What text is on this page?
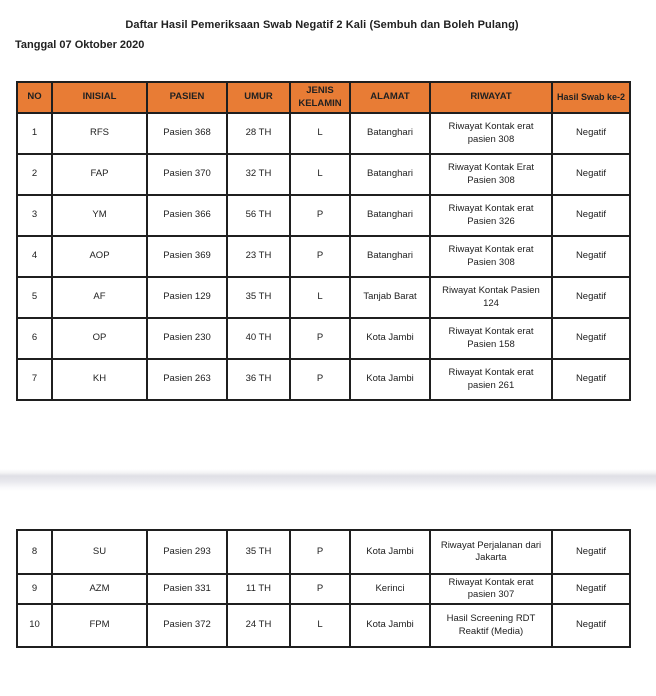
Daftar Hasil Pemeriksaan Swab Negatif 2 Kali (Sembuh dan Boleh Pulang)
Tanggal 07 Oktober 2020
NO	INISIAL	PASIEN	UMUR	JENIS KELAMIN	ALAMAT	RIWAYAT	Hasil Swab ke-2
1	RFS	Pasien 368	28 TH	L	Batanghari	Riwayat Kontak erat pasien 308	Negatif
2	FAP	Pasien 370	32 TH	L	Batanghari	Riwayat Kontak Erat Pasien 308	Negatif
3	YM	Pasien 366	56 TH	P	Batanghari	Riwayat Kontak erat Pasien 326	Negatif
4	AOP	Pasien 369	23 TH	P	Batanghari	Riwayat Kontak erat Pasien 308	Negatif
5	AF	Pasien 129	35 TH	L	Tanjab Barat	Riwayat Kontak Pasien 124	Negatif
6	OP	Pasien 230	40 TH	P	Kota Jambi	Riwayat Kontak erat Pasien 158	Negatif
7	KH	Pasien 263	36 TH	P	Kota Jambi	Riwayat Kontak erat pasien 261	Negatif
8	SU	Pasien 293	35 TH	P	Kota Jambi	Riwayat Perjalanan dari Jakarta	Negatif
9	AZM	Pasien 331	11 TH	P	Kerinci	Riwayat Kontak erat pasien 307	Negatif
10	FPM	Pasien 372	24 TH	L	Kota Jambi	Hasil Screening RDT Reaktif (Media)	Negatif
